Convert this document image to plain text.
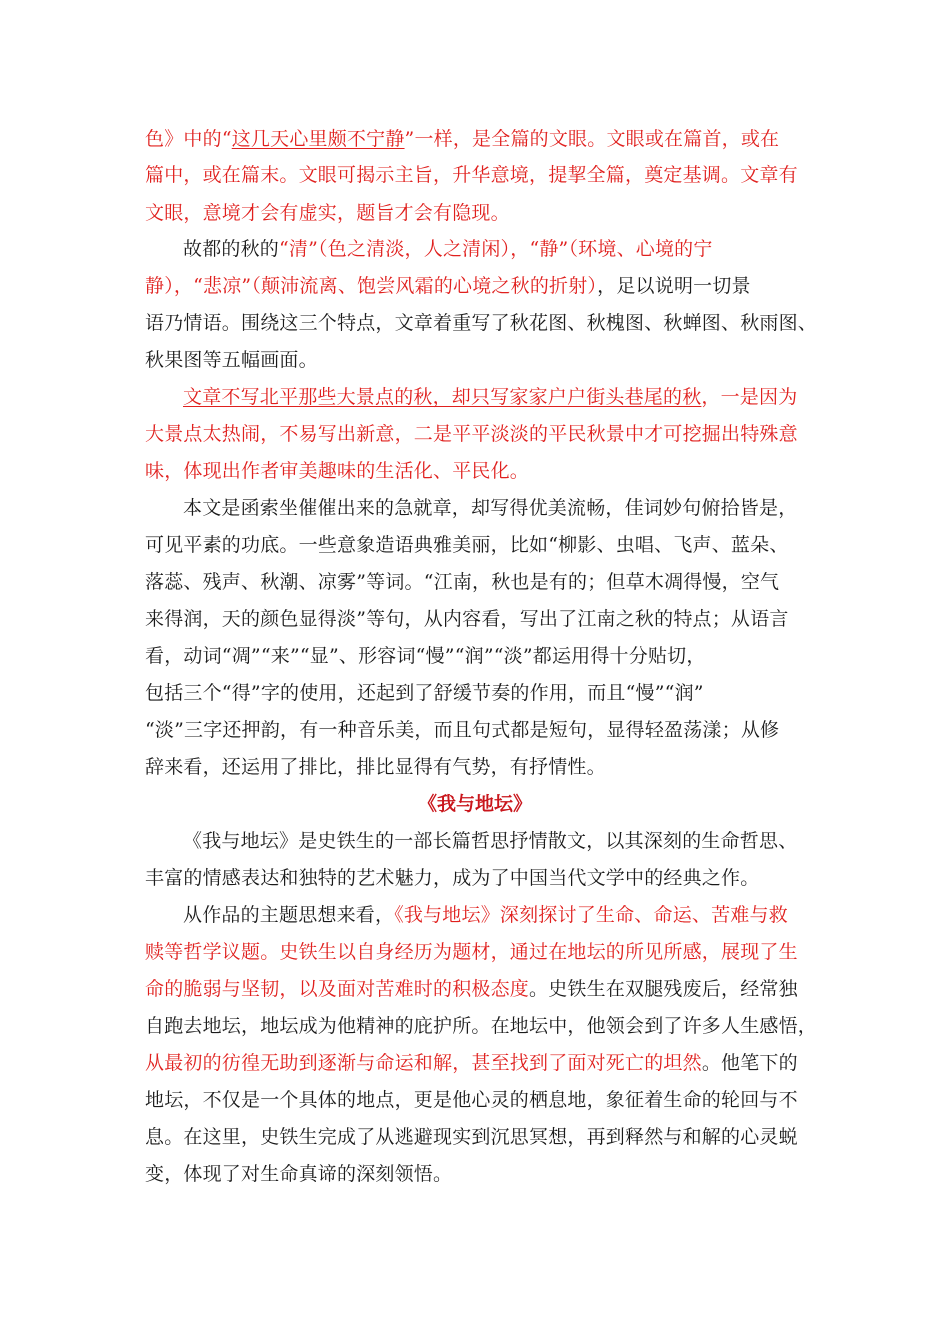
色》中的“这几天心里颇不宁静”一样，是全篇的文眼。文眼或在篇首，或在
篇中，或在篇末。文眼可揭示主旨，升华意境，提挈全篇，奠定基调。文章有
文眼，意境才会有虚实，题旨才会有隐现。
故都的秋的“清”（色之清淡，人之清闲），“静”（环境、心境的宁
静），“悲凉”（颠沛流离、饱尝风霜的心境之秋的折射），足以说明一切景
语乃情语。围绕这三个特点，文章着重写了秋花图、秋槐图、秋蝉图、秋雨图、
秋果图等五幅画面。
文章不写北平那些大景点的秋，却只写家家户户街头巷尾的秋，一是因为
大景点太热闹，不易写出新意，二是平平淡淡的平民秋景中才可挖掘出特殊意
味，体现出作者审美趣味的生活化、平民化。
本文是函索坐催催出来的急就章，却写得优美流畅，佳词妙句俯拾皆是，
可见平素的功底。一些意象造语典雅美丽，比如“柳影、虫唱、飞声、蓝朵、
落蕊、残声、秋潮、凉雾”等词。“江南，秋也是有的；但草木凋得慢，空气
来得润，天的颜色显得淡”等句，从内容看，写出了江南之秋的特点；从语言
看，动词“凋”“来”“显”、形容词“慢”“润”“淡”都运用得十分贴切，
包括三个“得”字的使用，还起到了舒缓节奏的作用，而且“慢”“润”
“淡”三字还押韵，有一种音乐美，而且句式都是短句，显得轻盈荡漾；从修
辞来看，还运用了排比，排比显得有气势，有抒情性。
《我与地坛》是史铁生的一部长篇哲思抒情散文，以其深刻的生命哲思、
丰富的情感表达和独特的艺术魅力，成为了中国当代文学中的经典之作。
从作品的主题思想来看，《我与地坛》深刻探讨了生命、命运、苦难与救
赎等哲学议题。史铁生以自身经历为题材，通过在地坛的所见所感，展现了生
命的脆弱与坚韧，以及面对苦难时的积极态度。史铁生在双腿残废后，经常独
自跑去地坛，地坛成为他精神的庇护所。在地坛中，他领会到了许多人生感悟，
从最初的彷徨无助到逐渐与命运和解，甚至找到了面对死亡的坦然。他笔下的
地坛，不仅是一个具体的地点，更是他心灵的栖息地，象征着生命的轮回与不
息。在这里，史铁生完成了从逃避现实到沉思冥想，再到释然与和解的心灵蜕
变，体现了对生命真谛的深刻领悟。
《我与地坛》
